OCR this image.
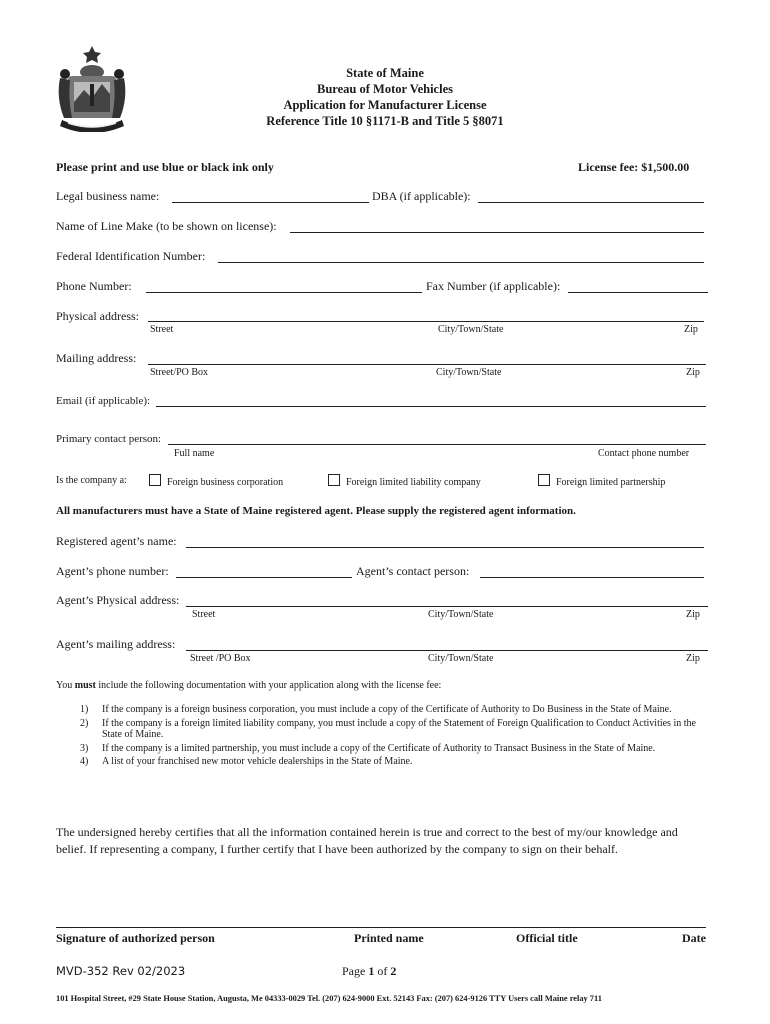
State of Maine
Bureau of Motor Vehicles
Application for Manufacturer License
Reference Title 10 §1171-B and Title 5 §8071
Please print and use blue or black ink only	License fee: $1,500.00
Legal business name:	DBA (if applicable):
Name of Line Make (to be shown on license):
Federal Identification Number:
Phone Number:	Fax Number (if applicable):
Physical address:
Street	City/Town/State	Zip
Mailing address:
Street/PO Box	City/Town/State	Zip
Email (if applicable):
Primary contact person:
Full name	Contact phone number
Is the company a:	Foreign business corporation	Foreign limited liability company	Foreign limited partnership
All manufacturers must have a State of Maine registered agent. Please supply the registered agent information.
Registered agent’s name:
Agent’s phone number:	Agent’s contact person:
Agent’s Physical address:
Street	City/Town/State	Zip
Agent’s mailing address:
Street /PO Box	City/Town/State	Zip
You must include the following documentation with your application along with the license fee:
1) If the company is a foreign business corporation, you must include a copy of the Certificate of Authority to Do Business in the State of Maine.
2) If the company is a foreign limited liability company, you must include a copy of the Statement of Foreign Qualification to Conduct Activities in the State of Maine.
3) If the company is a limited partnership, you must include a copy of the Certificate of Authority to Transact Business in the State of Maine.
4) A list of your franchised new motor vehicle dealerships in the State of Maine.
The undersigned hereby certifies that all the information contained herein is true and correct to the best of my/our knowledge and belief. If representing a company, I further certify that I have been authorized by the company to sign on their behalf.
Signature of authorized person	Printed name	Official title	Date
MVD-352 Rev 02/2023	Page 1 of 2
101 Hospital Street, #29 State House Station, Augusta, Me 04333-0029 Tel. (207) 624-9000 Ext. 52143 Fax: (207) 624-9126 TTY Users call Maine relay 711
